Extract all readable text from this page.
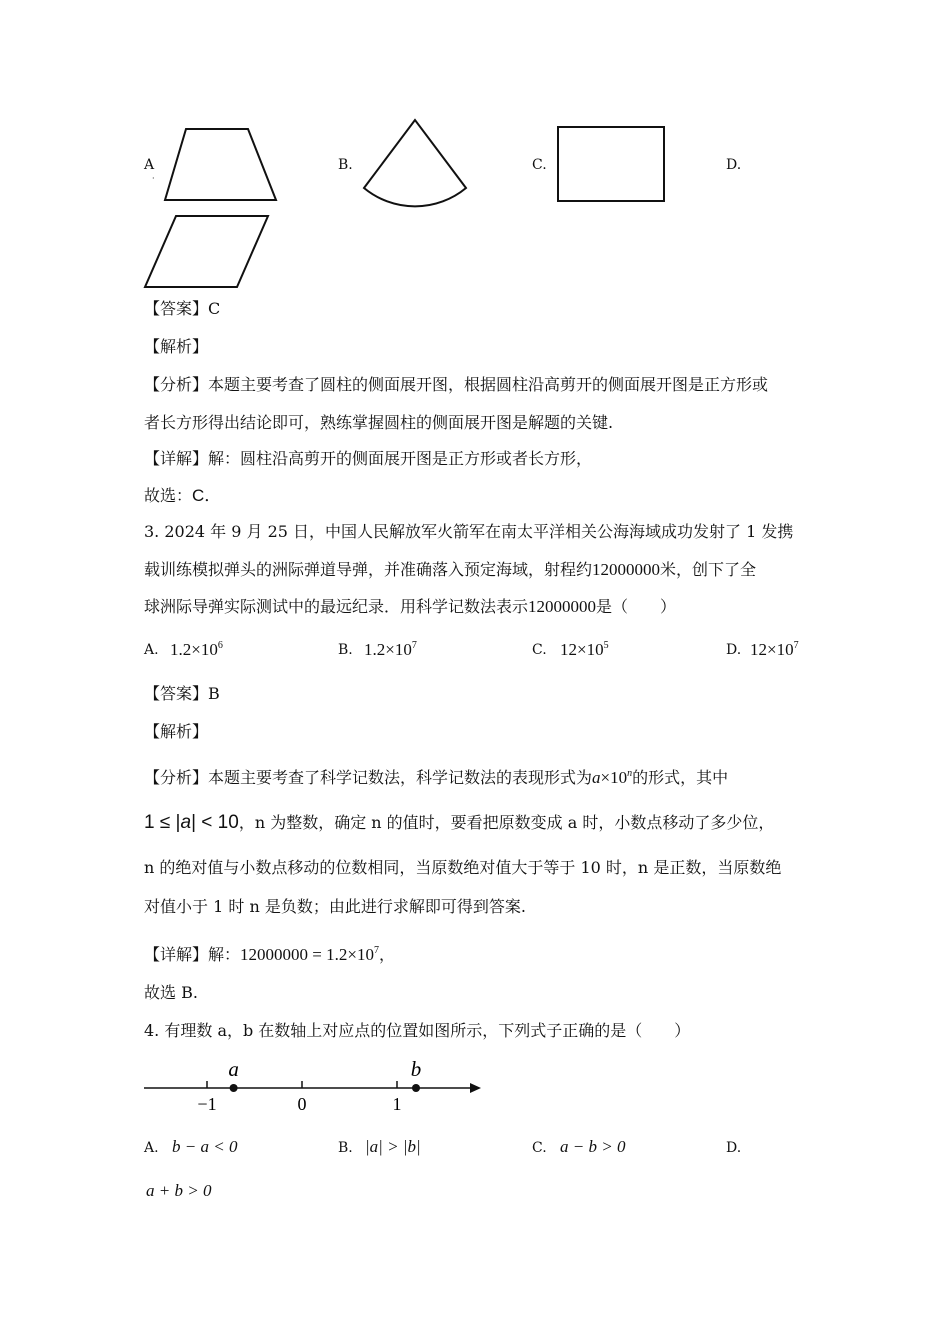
A
·
B.	C.	D.
【答案】C
【解析】
【分析】本题主要考查了圆柱的侧面展开图，根据圆柱沿高剪开的侧面展开图是正方形或
者长方形得出结论即可，熟练掌握圆柱的侧面展开图是解题的关键.
【详解】解：圆柱沿高剪开的侧面展开图是正方形或者长方形，
故选：C．
3. 2024 年 9 月 25 日，中国人民解放军火箭军在南太平洋相关公海海域成功发射了 1 发携
载训练模拟弹头的洲际弹道导弹，并准确落入预定海域，射程约12000000米，创下了全
球洲际导弹实际测试中的最远纪录．用科学记数法表示12000000是（　　）
A. $1.2\times 10^6$	B. $1.2\times 10^7$	C. $12\times 10^5$	D. $12\times 10^7$
【答案】B
【解析】
【分析】本题主要考查了科学记数法，科学记数法的表现形式为$a\times 10^n$的形式，其中
1 ≤ |a| < 10，n 为整数，确定 n 的值时，要看把原数变成 a 时，小数点移动了多少位，
n 的绝对值与小数点移动的位数相同，当原数绝对值大于等于 10 时，n 是正数，当原数绝
对值小于 1 时 n 是负数；由此进行求解即可得到答案.
【详解】解：$12000000 = 1.2\times 10^7$，
故选 B.
4. 有理数 a，b 在数轴上对应点的位置如图所示，下列式子正确的是（　　）
−1	0	1
a	b
A. b − a < 0	B. |a| > |b|	C. a − b > 0	D.
a + b > 0
